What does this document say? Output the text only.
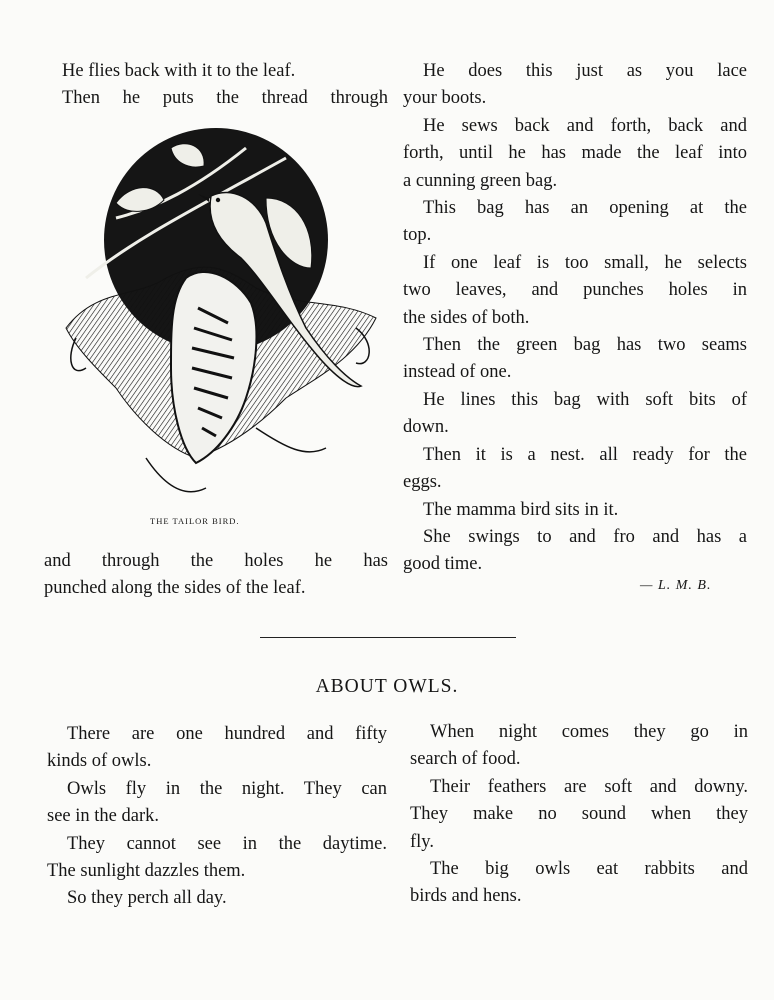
He flies back with it to the leaf.

Then he puts the thread through

THE TAILOR BIRD.

and through the holes he has

punched along the sides of the leaf.

He does this just as you lace

your boots.

He sews back and forth, back and

forth, until he has made the leaf into

a cunning green bag.

This bag has an opening at the

top.

If one leaf is too small, he selects

two leaves, and punches holes in

the sides of both.

Then the green bag has two seams

instead of one.

He lines this bag with soft bits of

down.

Then it is a nest. all ready for the

eggs.

The mamma bird sits in it.

She swings to and fro and has a

good time.

— L. M. B.
ABOUT OWLS.

There are one hundred and fifty

kinds of owls.

Owls fly in the night. They can

see in the dark.

They cannot see in the daytime.

The sunlight dazzles them.

So they perch all day.

When night comes they go in

search of food.

Their feathers are soft and downy.

They make no sound when they

fly.

The big owls eat rabbits and

birds and hens.
